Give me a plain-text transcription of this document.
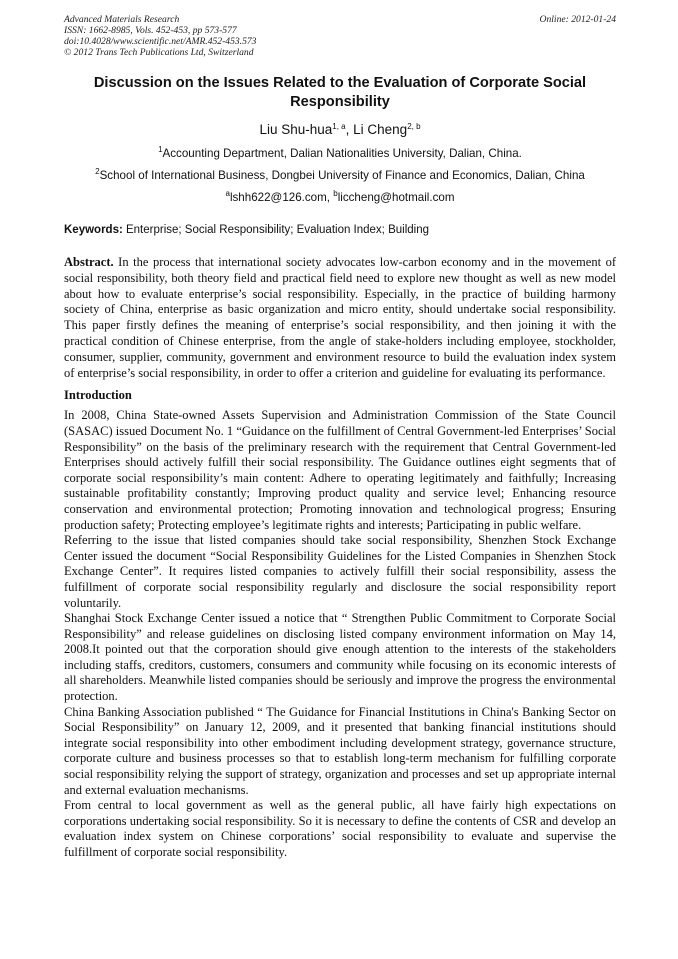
Advanced Materials Research
ISSN: 1662-8985, Vols. 452-453, pp 573-577
doi:10.4028/www.scientific.net/AMR.452-453.573
© 2012 Trans Tech Publications Ltd, Switzerland
Online: 2012-01-24
Discussion on the Issues Related to the Evaluation of Corporate Social Responsibility
Liu Shu-hua$^{1, a}$, Li Cheng$^{2, b}$
$^1$Accounting Department, Dalian Nationalities University, Dalian, China.
$^2$School of International Business, Dongbei University of Finance and Economics, Dalian, China
$^a$lshh622@126.com, $^b$liccheng@hotmail.com
Keywords: Enterprise; Social Responsibility; Evaluation Index; Building
Abstract. In the process that international society advocates low-carbon economy and in the movement of social responsibility, both theory field and practical field need to explore new thought as well as new model about how to evaluate enterprise’s social responsibility. Especially, in the practice of building harmony society of China, enterprise as basic organization and micro entity, should undertake social responsibility. This paper firstly defines the meaning of enterprise’s social responsibility, and then joining it with the practical condition of Chinese enterprise, from the angle of stake-holders including employee, stockholder, consumer, supplier, community, government and environment resource to build the evaluation index system of enterprise’s social responsibility, in order to offer a criterion and guideline for evaluating its performance.
Introduction

In 2008, China State-owned Assets Supervision and Administration Commission of the State Council (SASAC) issued Document No. 1 “Guidance on the fulfillment of Central Government-led Enterprises’ Social Responsibility” on the basis of the preliminary research with the requirement that Central Government-led Enterprises should actively fulfill their social responsibility. The Guidance outlines eight segments that of corporate social responsibility’s main content: Adhere to operating legitimately and faithfully; Increasing sustainable profitability constantly; Improving product quality and service level; Enhancing resource conservation and environmental protection; Promoting innovation and technological progress; Ensuring production safety; Protecting employee’s legitimate rights and interests; Participating in public welfare.

Referring to the issue that listed companies should take social responsibility, Shenzhen Stock Exchange Center issued the document “Social Responsibility Guidelines for the Listed Companies in Shenzhen Stock Exchange Center”. It requires listed companies to actively fulfill their social responsibility, assess the fulfillment of corporate social responsibility regularly and disclosure the social responsibility report voluntarily.

Shanghai Stock Exchange Center issued a notice that “ Strengthen Public Commitment to Corporate Social Responsibility” and release guidelines on disclosing listed company environment information on May 14, 2008.It pointed out that the corporation should give enough attention to the interests of the stakeholders including staffs, creditors, customers, consumers and community while focusing on its economic interests of all shareholders. Meanwhile listed companies should be seriously and improve the progress the environmental protection.

China Banking Association published “ The Guidance for Financial Institutions in China's Banking Sector on Social Responsibility” on January 12, 2009, and it presented that banking financial institutions should integrate social responsibility into other embodiment including development strategy, governance structure, corporate culture and business processes so that to establish long-term mechanism for fulfilling corporate social responsibility relying the support of strategy, organization and processes and set up appropriate internal and external evaluation mechanisms.

From central to local government as well as the general public, all have fairly high expectations on corporations undertaking social responsibility. So it is necessary to define the contents of CSR and develop an evaluation index system on Chinese corporations’ social responsibility to evaluate and supervise the fulfillment of corporate social responsibility.
